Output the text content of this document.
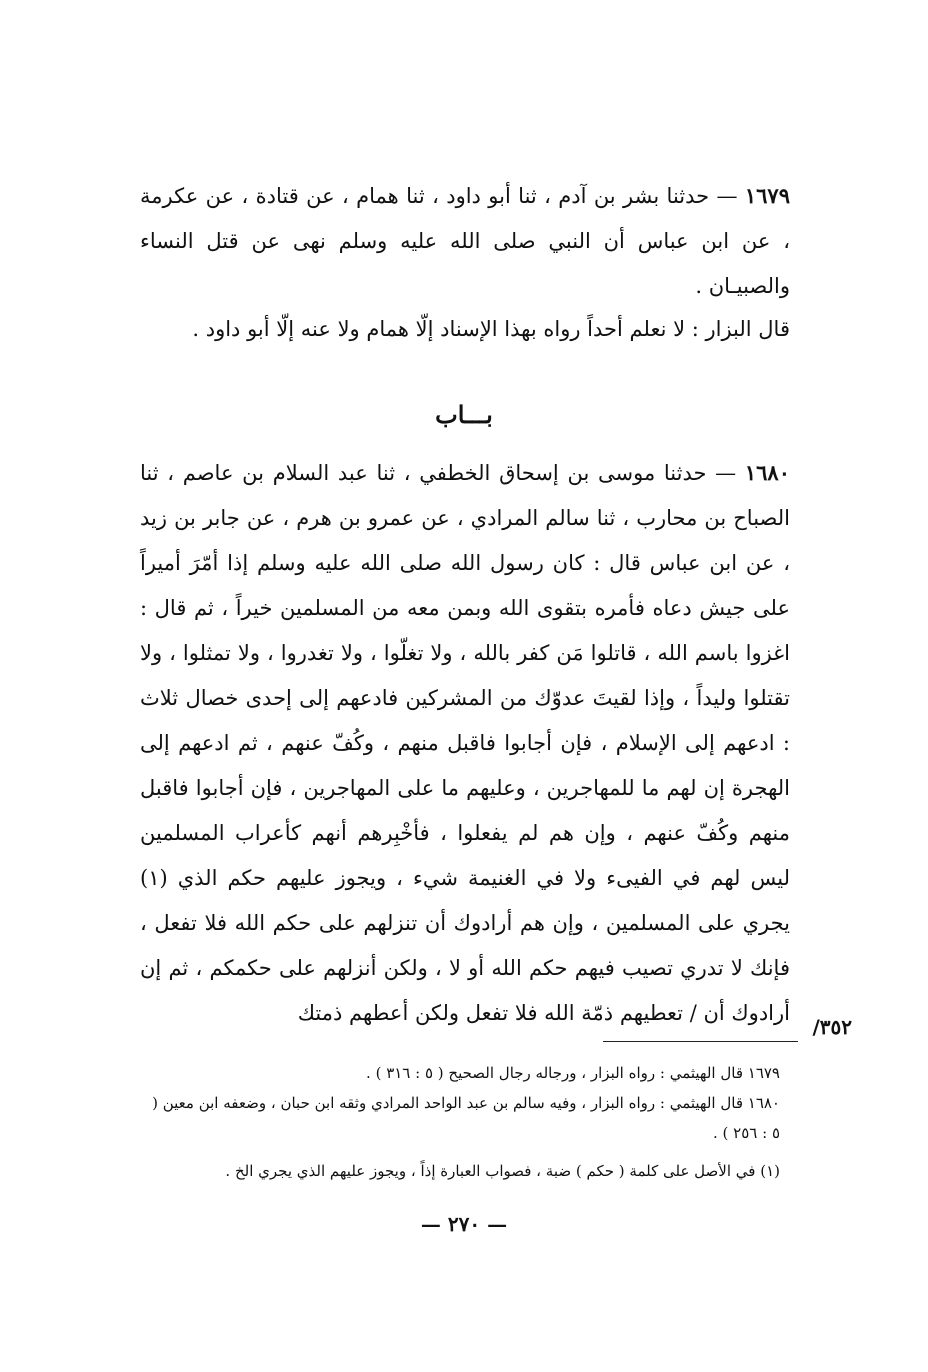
١٦٧٩ — حدثنا بشر بن آدم ، ثنا أبو داود ، ثنا همام ، عن قتادة ، عن عكرمة ، عن ابن عباس أن النبي صلى الله عليه وسلم نهى عن قتل النساء والصبيـان .
قال البزار : لا نعلم أحداً رواه بهذا الإسناد إلّا همام ولا عنه إلّا أبو داود .
بـــاب
١٦٨٠ — حدثنا موسى بن إسحاق الخطفي ، ثنا عبد السلام بن عاصم ، ثنا الصباح بن محارب ، ثنا سالم المرادي ، عن عمرو بن هرم ، عن جابر بن زيد ، عن ابن عباس قال : كان رسول الله صلى الله عليه وسلم إذا أمّرَ أميراً على جيش دعاه فأمره بتقوى الله وبمن معه من المسلمين خيراً ، ثم قال : اغزوا باسم الله ، قاتلوا مَن كفر بالله ، ولا تغلّوا ، ولا تغدروا ، ولا تمثلوا ، ولا تقتلوا وليداً ، وإذا لقيتَ عدوّك من المشركين فادعهم إلى إحدى خصال ثلاث : ادعهم إلى الإسلام ، فإن أجابوا فاقبل منهم ، وكُفّ عنهم ، ثم ادعهم إلى الهجرة إن لهم ما للمهاجرين ، وعليهم ما على المهاجرين ، فإن أجابوا فاقبل منهم وكُفّ عنهم ، وإن هم لم يفعلوا ، فأخْبِرهم أنهم كأعراب المسلمين ليس لهم في الفيىء ولا في الغنيمة شيء ، ويجوز عليهم حكم الذي (١) يجري على المسلمين ، وإن هم أرادوك أن تنزلهم على حكم الله فلا تفعل ، فإنك لا تدري تصيب فيهم حكم الله أو لا ، ولكن أنزلهم على حكمكم ، ثم إن أرادوك أن / تعطيهم ذمّة الله فلا تفعل ولكن أعطهم ذمتك
٣٥٢/

١٦٧٩ قال الهيثمي : رواه البزار ، ورجاله رجال الصحيح ( ٥ : ٣١٦ ) .

١٦٨٠ قال الهيثمي : رواه البزار ، وفيه سالم بن عبد الواحد المرادي وثقه ابن حبان ، وضعفه ابن معين ( ٥ : ٢٥٦ ) .

(١) في الأصل على كلمة ( حكم ) ضبة ، فصواب العبارة إذاً ، ويجوز عليهم الذي يجري الخ .

— ٢٧٠ —
